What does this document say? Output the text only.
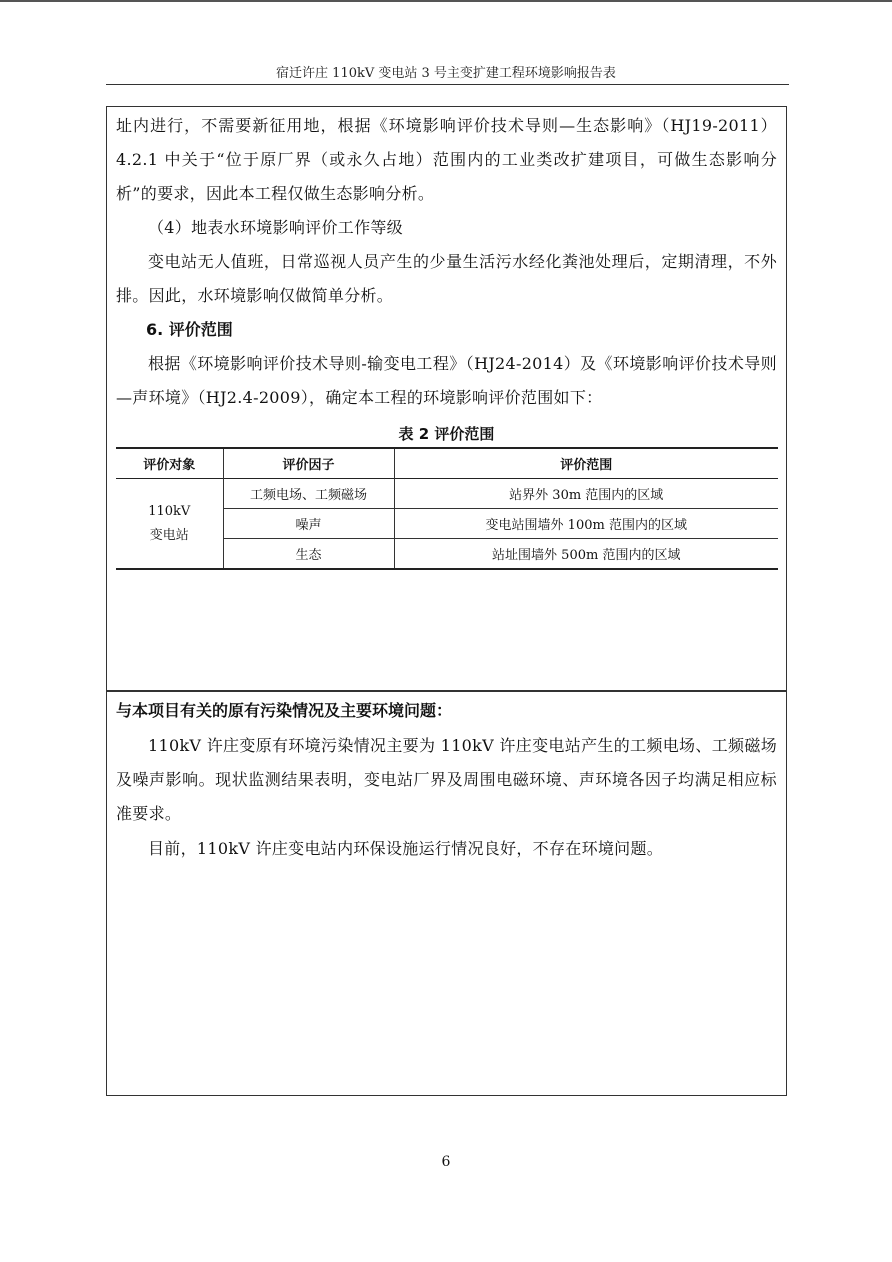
宿迁许庄 110kV 变电站 3 号主变扩建工程环境影响报告表

址内进行，不需要新征用地，根据《环境影响评价技术导则—生态影响》（HJ19-2011）4.2.1 中关于“位于原厂界（或永久占地）范围内的工业类改扩建项目，可做生态影响分析”的要求，因此本工程仅做生态影响分析。

（4）地表水环境影响评价工作等级

变电站无人值班，日常巡视人员产生的少量生活污水经化粪池处理后，定期清理，不外排。因此，水环境影响仅做简单分析。

6. 评价范围

根据《环境影响评价技术导则-输变电工程》（HJ24-2014）及《环境影响评价技术导则—声环境》（HJ2.4-2009），确定本工程的环境影响评价范围如下：

表 2 评价范围
评价对象	评价因子	评价范围

110kV
变电站	工频电场、工频磁场	站界外 30m 范围内的区域
	噪声	变电站围墙外 100m 范围内的区域
	生态	站址围墙外 500m 范围内的区域

与本项目有关的原有污染情况及主要环境问题：

110kV 许庄变原有环境污染情况主要为 110kV 许庄变电站产生的工频电场、工频磁场及噪声影响。现状监测结果表明，变电站厂界及周围电磁环境、声环境各因子均满足相应标准要求。

目前，110kV 许庄变电站内环保设施运行情况良好，不存在环境问题。

6
